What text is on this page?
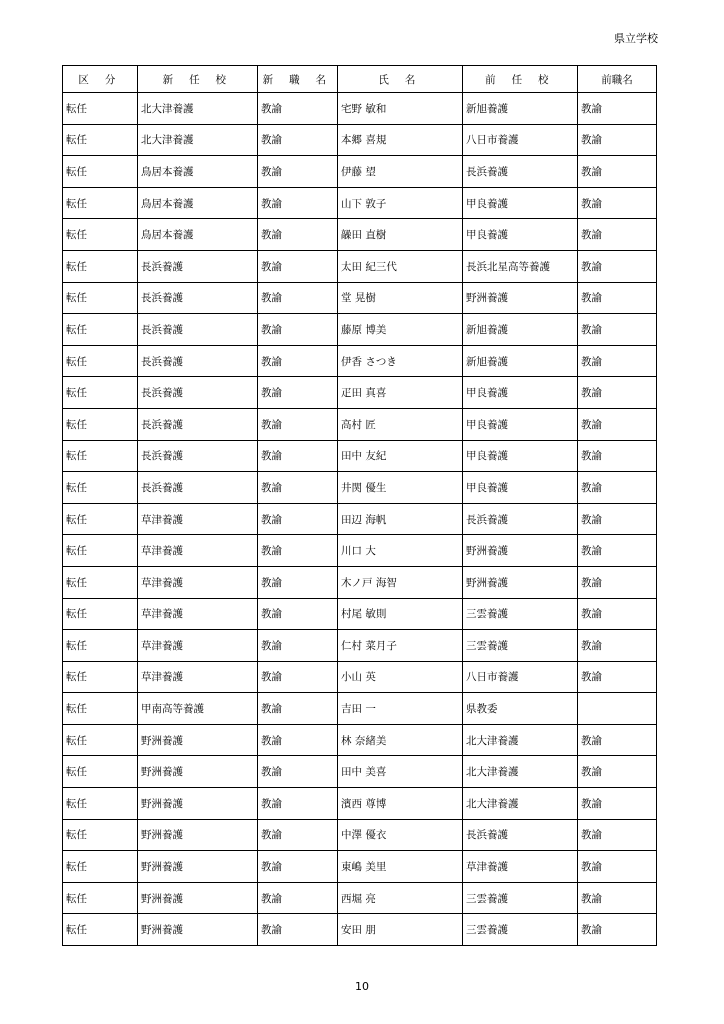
県立学校
区 分	新 任 校	新 職 名	氏 名	前 任 校	前職名
転任	北大津養護	教諭	宅野 敏和	新旭養護	教諭
転任	北大津養護	教諭	本郷 喜規	八日市養護	教諭
転任	鳥居本養護	教諭	伊藤 望	長浜養護	教諭
転任	鳥居本養護	教諭	山下 敦子	甲良養護	教諭
転任	鳥居本養護	教諭	髞田 直樹	甲良養護	教諭
転任	長浜養護	教諭	太田 紀三代	長浜北星高等養護	教諭
転任	長浜養護	教諭	堂 晃樹	野洲養護	教諭
転任	長浜養護	教諭	藤原 博美	新旭養護	教諭
転任	長浜養護	教諭	伊香 さつき	新旭養護	教諭
転任	長浜養護	教諭	疋田 真喜	甲良養護	教諭
転任	長浜養護	教諭	高村 匠	甲良養護	教諭
転任	長浜養護	教諭	田中 友紀	甲良養護	教諭
転任	長浜養護	教諭	井関 優生	甲良養護	教諭
転任	草津養護	教諭	田辺 海帆	長浜養護	教諭
転任	草津養護	教諭	川口 大	野洲養護	教諭
転任	草津養護	教諭	木ノ戸 海智	野洲養護	教諭
転任	草津養護	教諭	村尾 敏則	三雲養護	教諭
転任	草津養護	教諭	仁村 菜月子	三雲養護	教諭
転任	草津養護	教諭	小山 英	八日市養護	教諭
転任	甲南高等養護	教諭	吉田 一	県教委	
転任	野洲養護	教諭	林 奈緒美	北大津養護	教諭
転任	野洲養護	教諭	田中 美喜	北大津養護	教諭
転任	野洲養護	教諭	濱西 尊博	北大津養護	教諭
転任	野洲養護	教諭	中澤 優衣	長浜養護	教諭
転任	野洲養護	教諭	東嶋 美里	草津養護	教諭
転任	野洲養護	教諭	西堀 亮	三雲養護	教諭
転任	野洲養護	教諭	安田 朋	三雲養護	教諭
10
